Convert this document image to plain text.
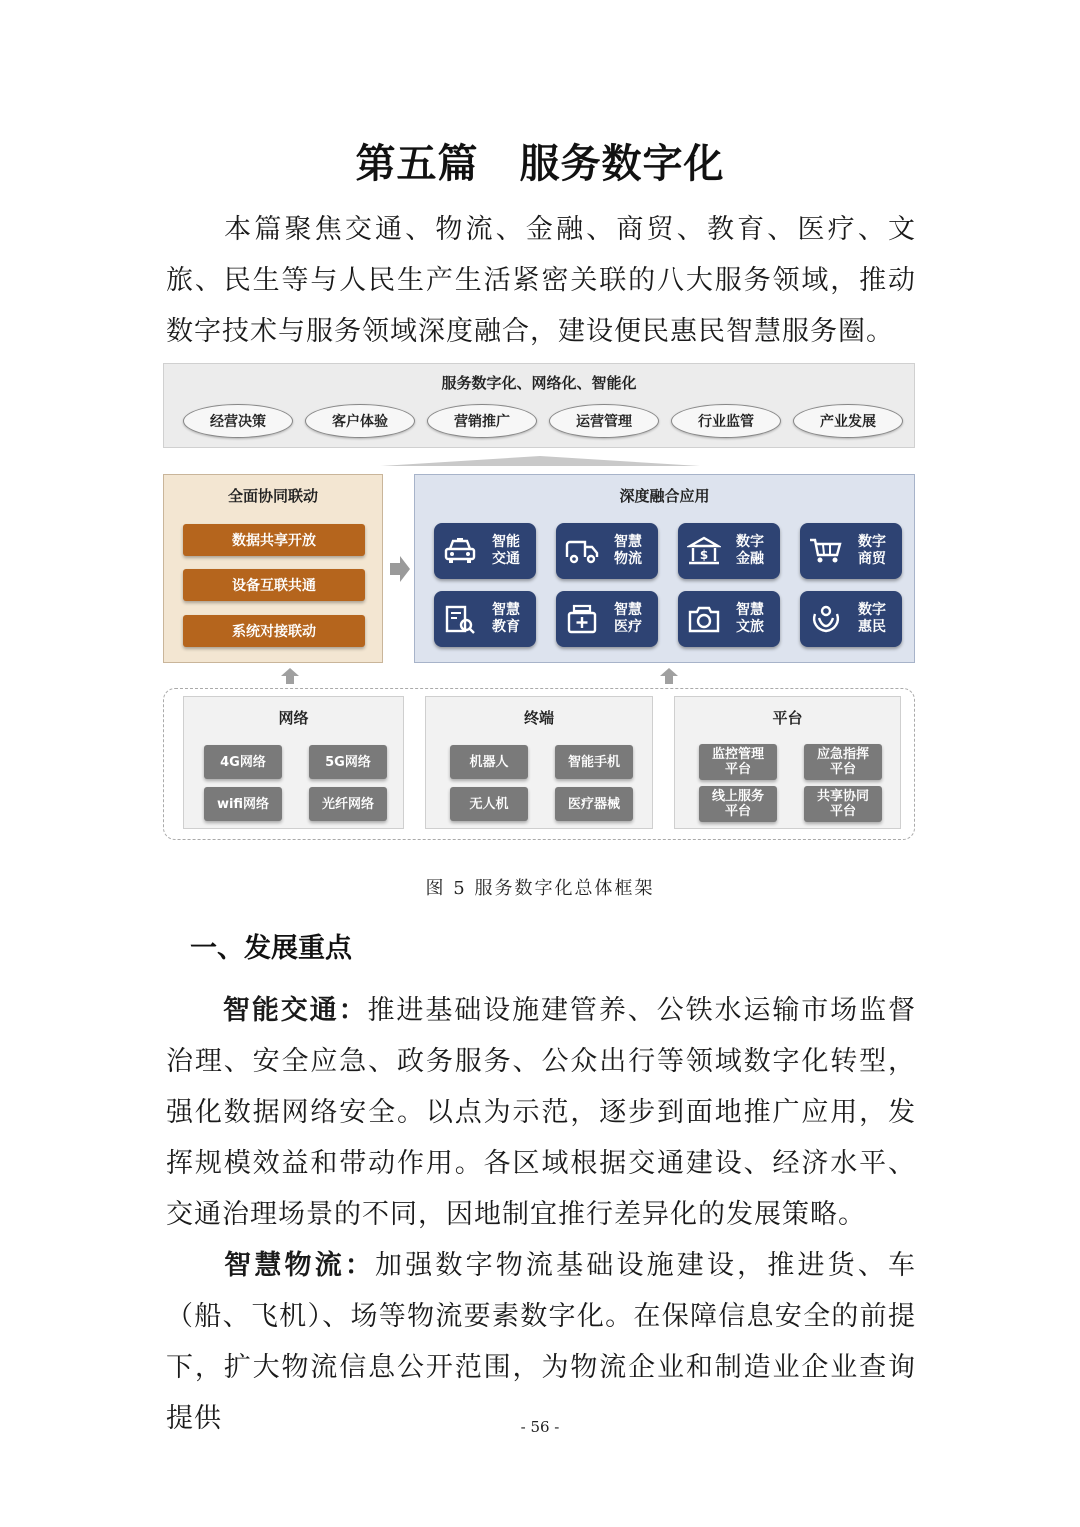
第五篇　服务数字化
本篇聚焦交通、物流、金融、商贸、教育、医疗、文旅、民生等与人民生产生活紧密关联的八大服务领域，推动数字技术与服务领域深度融合，建设便民惠民智慧服务圈。
服务数字化、网络化、智能化
经营决策	客户体验	营销推广	运营管理	行业监管	产业发展
全面协同联动
数据共享开放
设备互联共通
系统对接联动
深度融合应用
智能
交通
智慧
物流	$
数字
金融
数字
商贸
智慧
教育
智慧
医疗
智慧
文旅
数字
惠民
网络
4G网络	5G网络
wifi网络	光纤网络
终端
机器人	智能手机
无人机	医疗器械
平台
监控管理
平台
应急指挥
平台
线上服务
平台
共享协同
平台
图 5 服务数字化总体框架
一、发展重点
智能交通：推进基础设施建管养、公铁水运输市场监督治理、安全应急、政务服务、公众出行等领域数字化转型，强化数据网络安全。以点为示范，逐步到面地推广应用，发挥规模效益和带动作用。各区域根据交通建设、经济水平、交通治理场景的不同，因地制宜推行差异化的发展策略。
智慧物流：加强数字物流基础设施建设，推进货、车（船、飞机）、场等物流要素数字化。在保障信息安全的前提下，扩大物流信息公开范围，为物流企业和制造业企业查询提供	- 56 -
